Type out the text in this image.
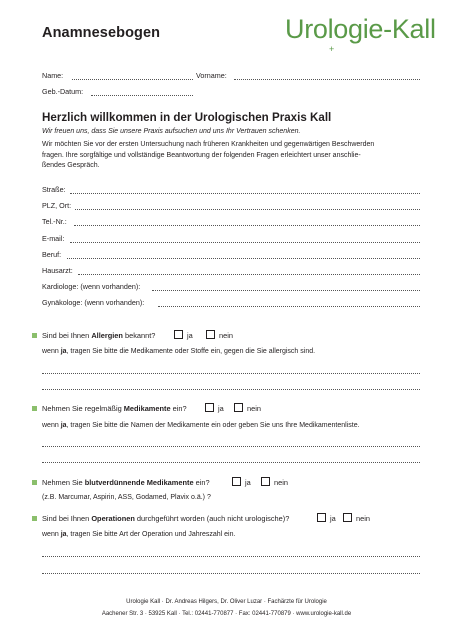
Anamnesebogen	Urologie-Kall
+
Name:	Vorname:
Geb.-Datum:
Herzlich willkommen in der Urologischen Praxis Kall
Wir freuen uns, dass Sie unsere Praxis aufsuchen und uns Ihr Vertrauen schenken.
Wir möchten Sie vor der ersten Untersuchung nach früheren Krankheiten und gegenwärtigen Beschwerden
fragen. Ihre sorgfältige und vollständige Beantwortung der folgenden Fragen erleichtert unser anschlie-
ßendes Gespräch.
Straße:
PLZ, Ort:
Tel.-Nr.:
E-mail:
Beruf:
Hausarzt:
Kardiologe: (wenn vorhanden):
Gynäkologe: (wenn vorhanden):
Sind bei Ihnen Allergien bekannt?	ja	nein
wenn ja, tragen Sie bitte die Medikamente oder Stoffe ein, gegen die Sie allergisch sind.
Nehmen Sie regelmäßig Medikamente ein?	ja	nein
wenn ja, tragen Sie bitte die Namen der Medikamente ein oder geben Sie uns Ihre Medikamentenliste.
Nehmen Sie blutverdünnende Medikamente ein?	ja	nein
(z.B. Marcumar, Aspirin, ASS, Godamed, Plavix o.ä.) ?
Sind bei Ihnen Operationen durchgeführt worden (auch nicht urologische)?	ja	nein
wenn ja, tragen Sie bitte Art der Operation und Jahreszahl ein.
Urologie Kall · Dr. Andreas Hilgers, Dr. Oliver Luzar · Fachärzte für Urologie
Aachener Str. 3 · 53925 Kall · Tel.: 02441-770877 · Fax: 02441-770879 · www.urologie-kall.de
